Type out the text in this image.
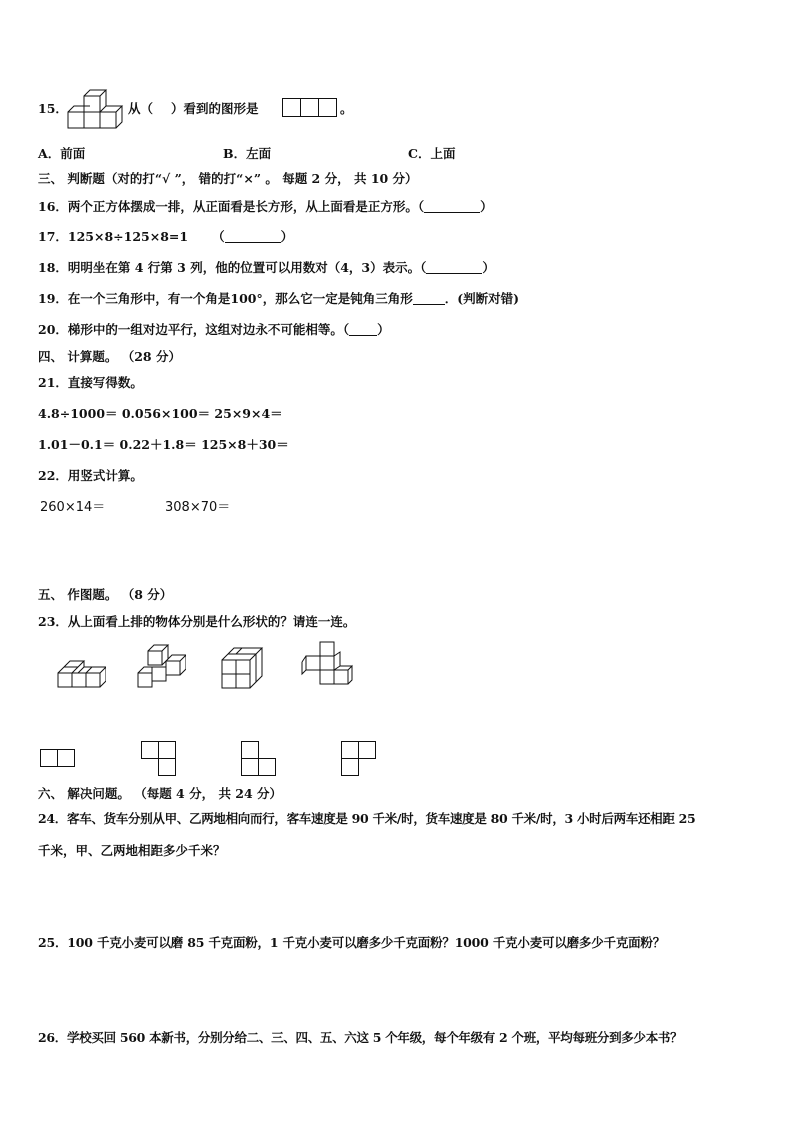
15．	从（ ）看到的图形是	。
A．前面	B．左面	C．上面
三、 判断题（对的打“√ ”， 错的打“×” 。 每题 2 分， 共 10 分）
16．两个正方体摆成一排，从正面看是长方形，从上面看是正方形。（	）
17．125×8÷125×8=1 （	）
18．明明坐在第 4 行第 3 列，他的位置可以用数对（4，3）表示。（	）
19．在一个三角形中，有一个角是100°，那么它一定是钝角三角形	．(判断对错)
20．梯形中的一组对边平行，这组对边永不可能相等。（ ）
四、 计算题。 （28 分）
21．直接写得数。
4.8÷1000＝ 0.056×100＝ 25×9×4＝
1.01－0.1＝ 0.22＋1.8＝ 125×8＋30＝
22．用竖式计算。
260×14＝	308×70＝
五、 作图题。 （8 分）
23．从上面看上排的物体分别是什么形状的？请连一连。
六、 解决问题。 （每题 4 分， 共 24 分）
24．客车、货车分别从甲、乙两地相向而行，客车速度是 90 千米/时，货车速度是 80 千米/时，3 小时后两车还相距 25
千米，甲、乙两地相距多少千米？
25．100 千克小麦可以磨 85 千克面粉，1 千克小麦可以磨多少千克面粉？1000 千克小麦可以磨多少千克面粉？
26．学校买回 560 本新书，分别分给二、三、四、五、六这 5 个年级，每个年级有 2 个班，平均每班分到多少本书？
